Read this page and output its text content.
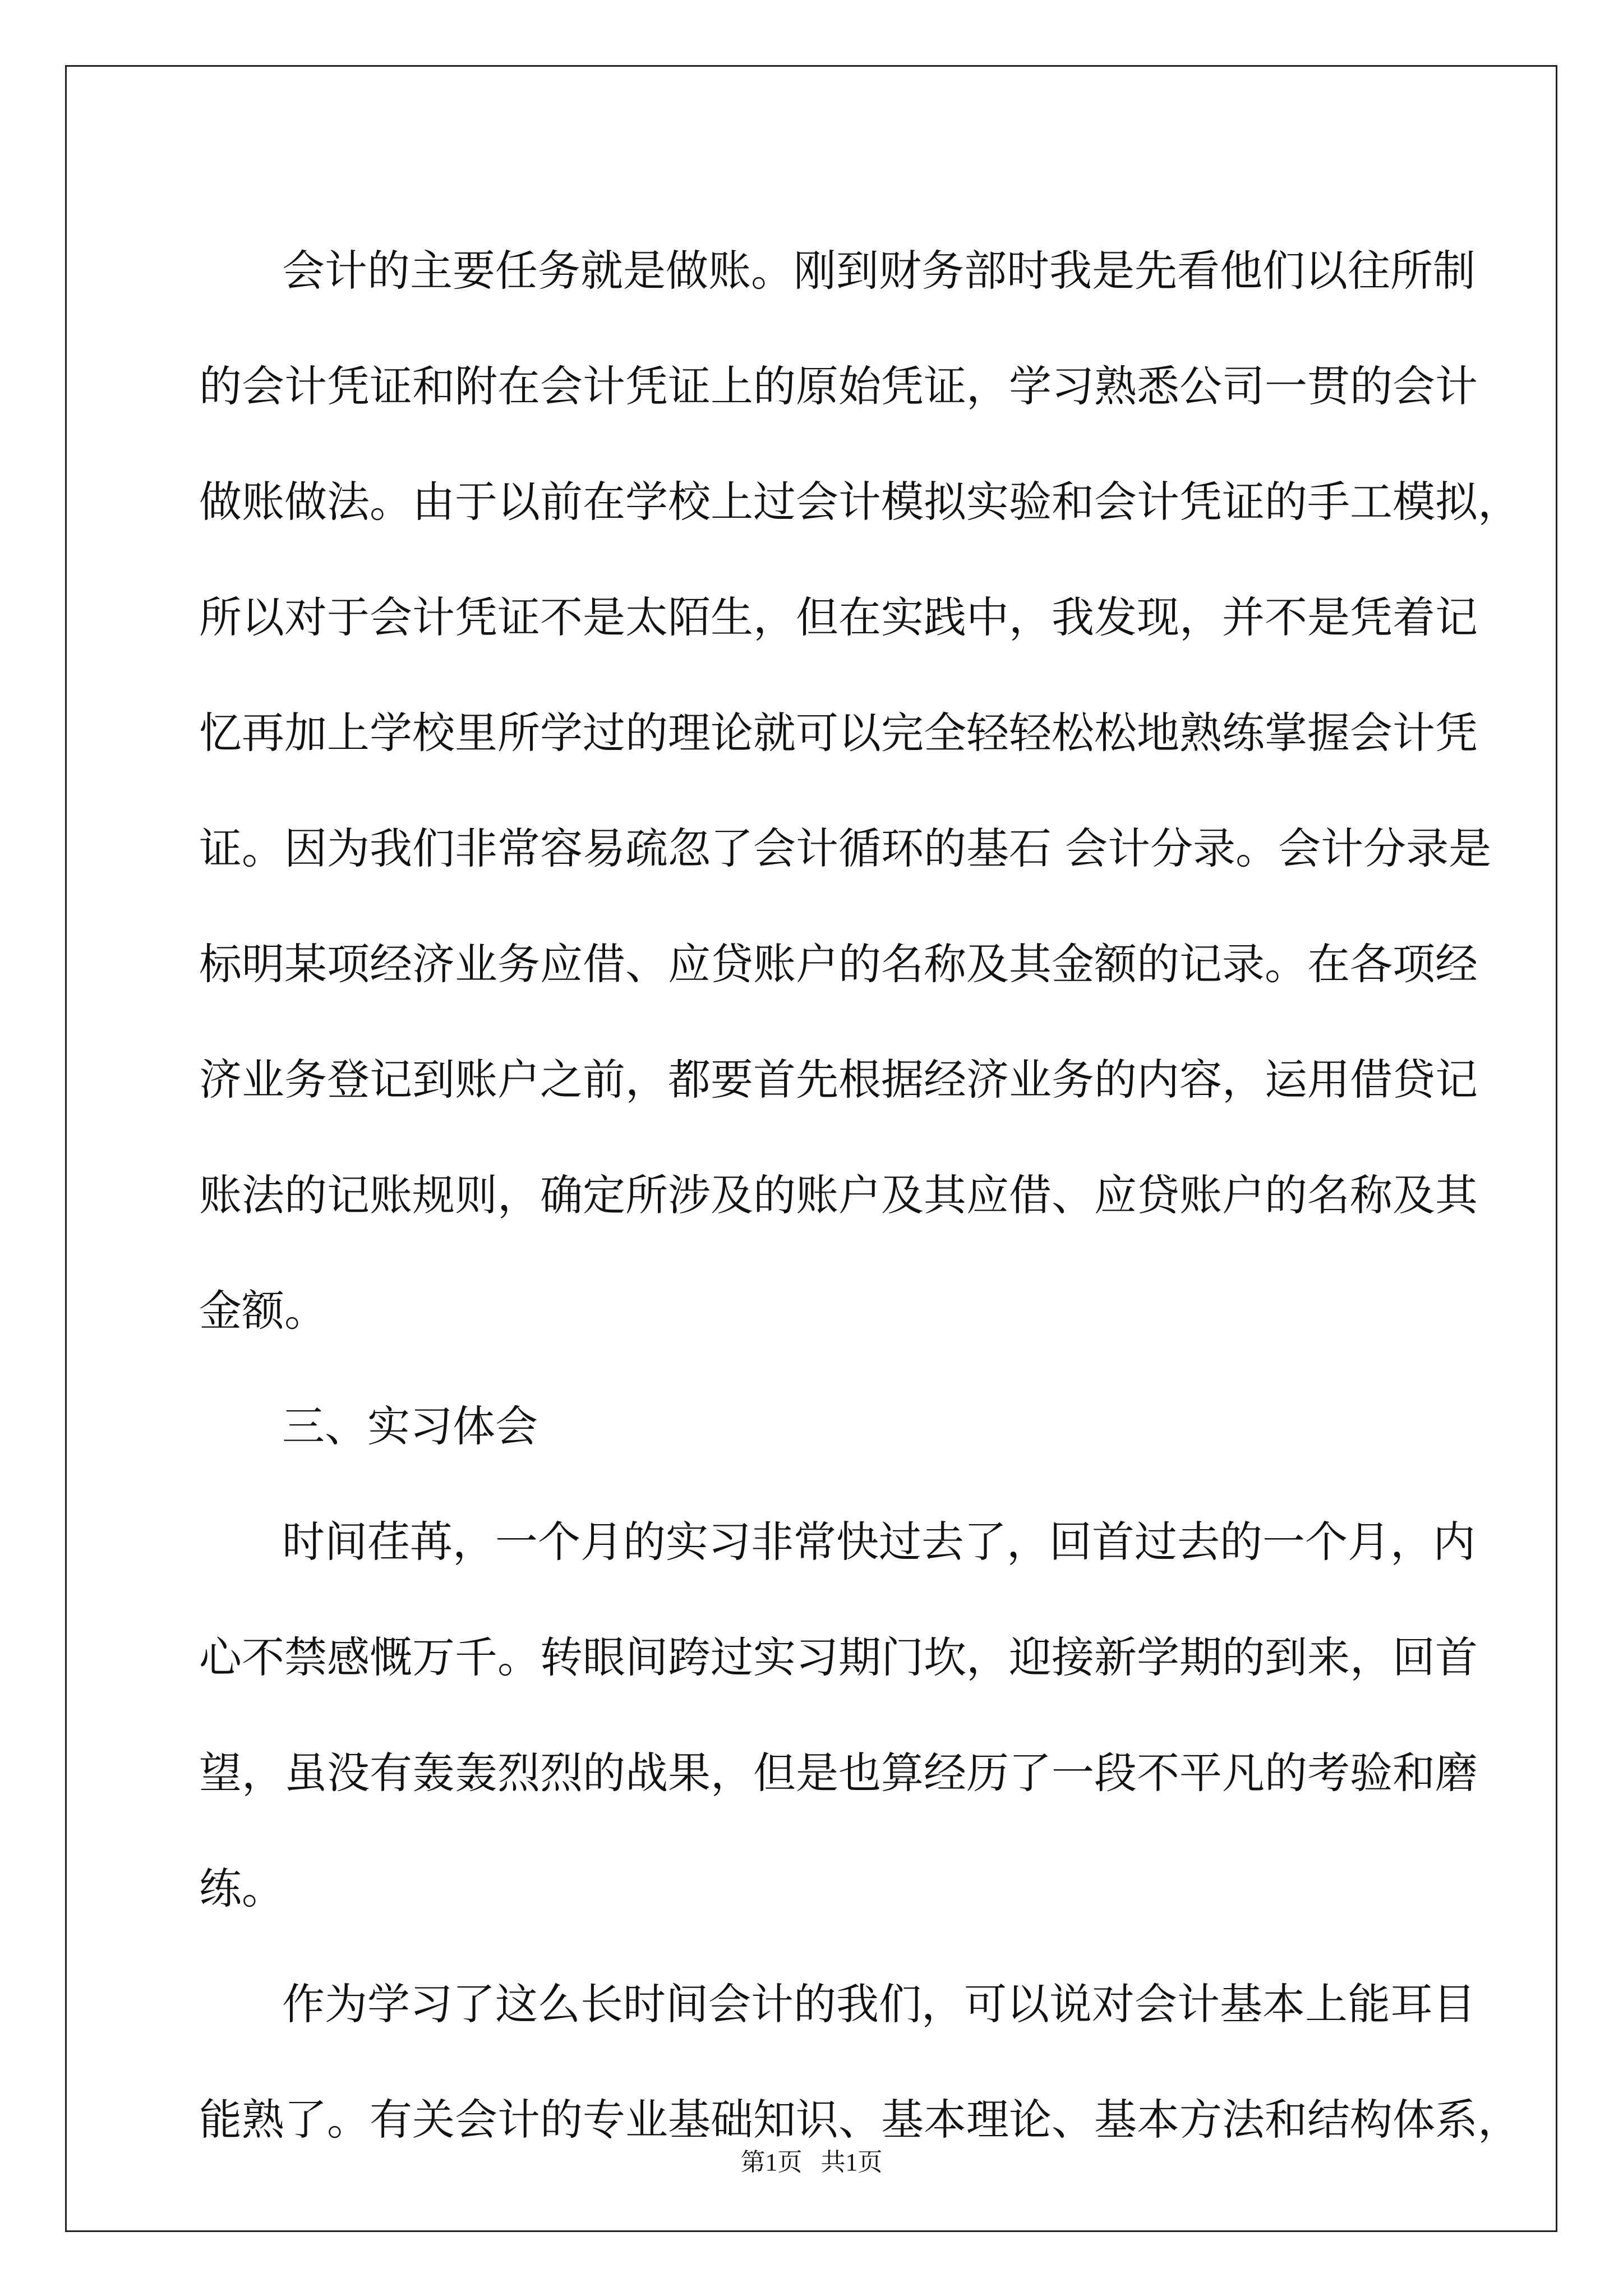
会计的主要任务就是做账。刚到财务部时我是先看他们以往所制
的会计凭证和附在会计凭证上的原始凭证，学习熟悉公司一贯的会计
做账做法。由于以前在学校上过会计模拟实验和会计凭证的手工模拟，
所以对于会计凭证不是太陌生，但在实践中，我发现，并不是凭着记
忆再加上学校里所学过的理论就可以完全轻轻松松地熟练掌握会计凭
证。因为我们非常容易疏忽了会计循环的基石 会计分录。会计分录是
标明某项经济业务应借、应贷账户的名称及其金额的记录。在各项经
济业务登记到账户之前，都要首先根据经济业务的内容，运用借贷记
账法的记账规则，确定所涉及的账户及其应借、应贷账户的名称及其
金额。
三、实习体会
时间荏苒，一个月的实习非常快过去了，回首过去的一个月，内
心不禁感慨万千。转眼间跨过实习期门坎，迎接新学期的到来，回首
望，虽没有轰轰烈烈的战果，但是也算经历了一段不平凡的考验和磨
练。
作为学习了这么长时间会计的我们，可以说对会计基本上能耳目
能熟了。有关会计的专业基础知识、基本理论、基本方法和结构体系，
第1页   共1页
